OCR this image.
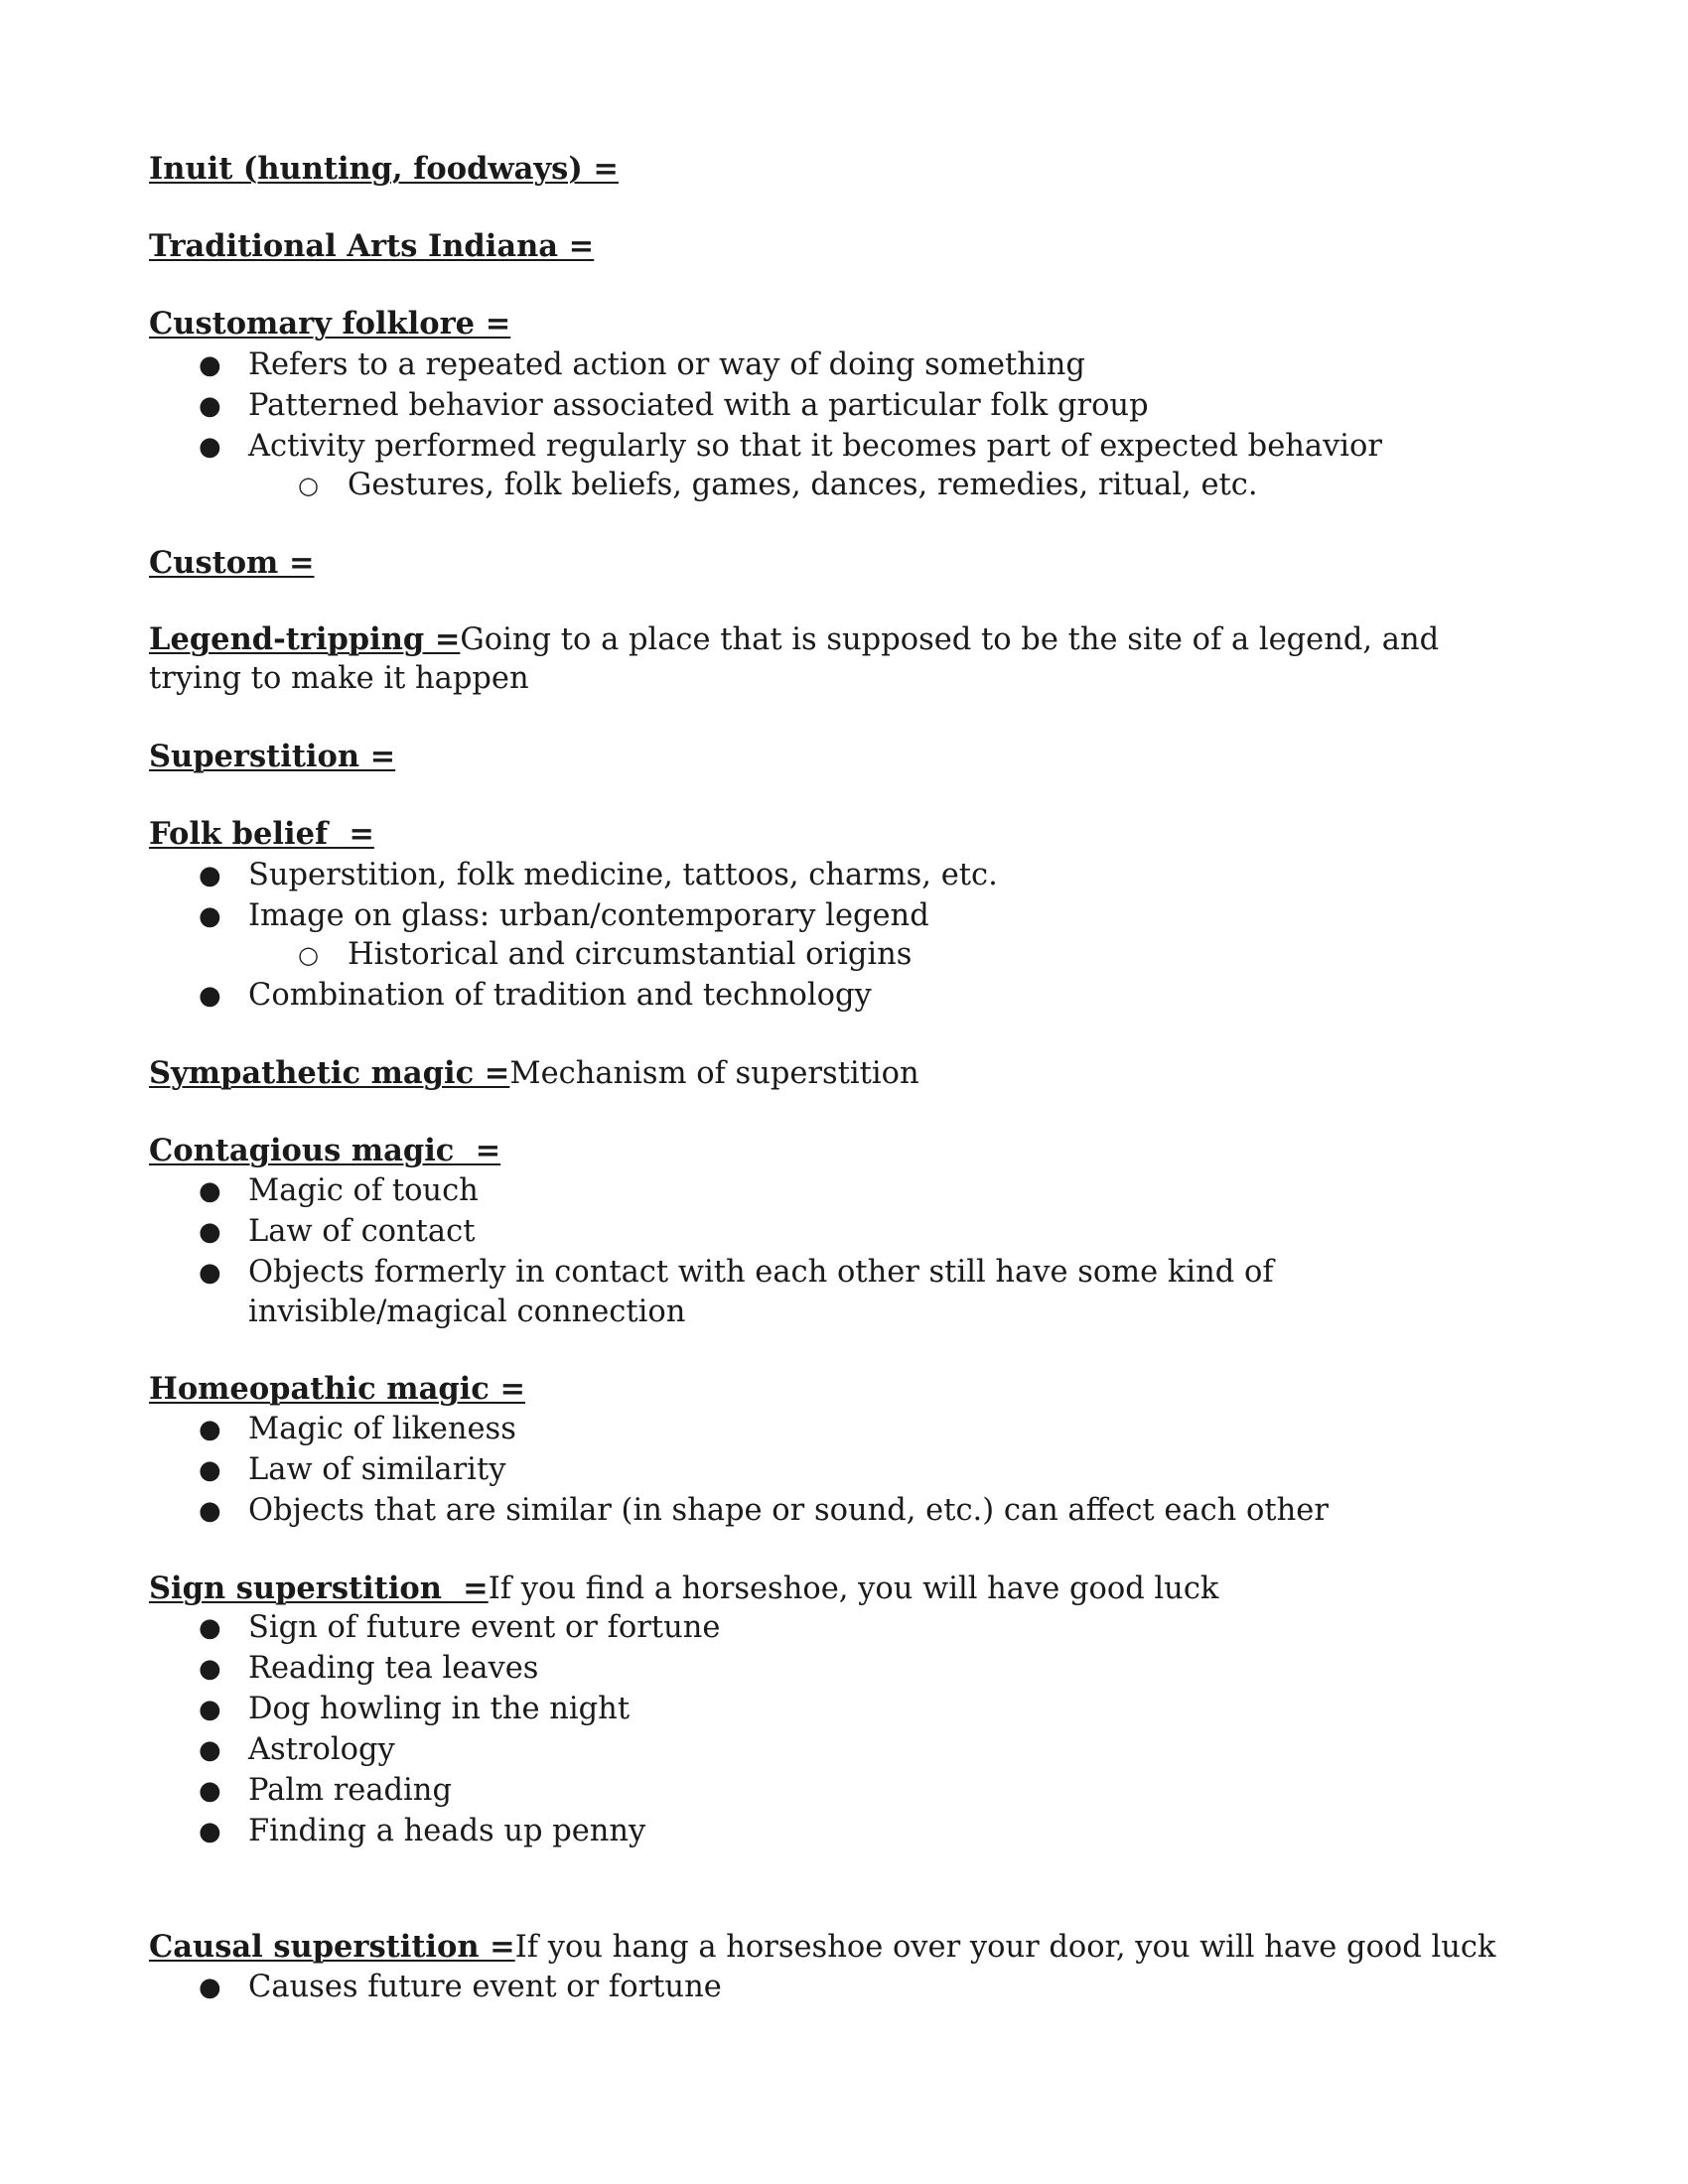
Inuit (hunting, foodways) =
Traditional Arts Indiana =
Customary folklore =
● Refers to a repeated action or way of doing something
● Patterned behavior associated with a particular folk group
● Activity performed regularly so that it becomes part of expected behavior
○ Gestures, folk beliefs, games, dances, remedies, ritual, etc.
Custom =
Legend-tripping =Going to a place that is supposed to be the site of a legend, and trying to make it happen
Superstition =
Folk belief  =
● Superstition, folk medicine, tattoos, charms, etc.
● Image on glass: urban/contemporary legend
○ Historical and circumstantial origins
● Combination of tradition and technology
Sympathetic magic =Mechanism of superstition
Contagious magic  =
● Magic of touch
● Law of contact
● Objects formerly in contact with each other still have some kind of invisible/magical connection
Homeopathic magic =
● Magic of likeness
● Law of similarity
● Objects that are similar (in shape or sound, etc.) can affect each other
Sign superstition  =If you find a horseshoe, you will have good luck
● Sign of future event or fortune
● Reading tea leaves
● Dog howling in the night
● Astrology
● Palm reading
● Finding a heads up penny
Causal superstition =If you hang a horseshoe over your door, you will have good luck
● Causes future event or fortune
